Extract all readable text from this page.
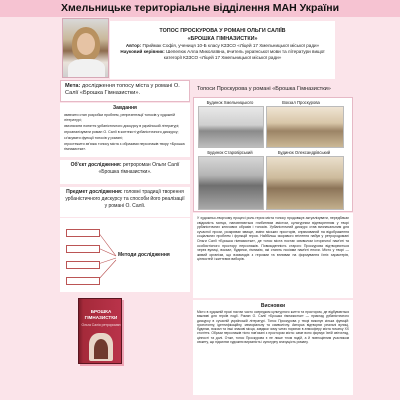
Хмельницьке територіальне відділення МАН України
ТОПОС ПРОСКУРОВА У РОМАНІ ОЛЬГИ САЛІЇВ
«БРОШКА ГІМНАЗИСТКИ»
Автор: Приймак Софія, учениця 10-Б класу КЗЗСО «Ліцей 17 Хмельницької міської ради»
Науковий керівник: Шепелюк Алла Миколаївна, вчитель української мови та літератури вищої категорії КЗЗСО «Ліцей 17 Хмельницької міської ради»
Мета: дослідження топосу міста у романі О. Салії «Брошка Гімназистки».
Топоси Проскурова у романі «Брошка Гімназистки»
Завдання
•вивчити стан розробки проблем, репрезентації топосів у художній літературі;
•визначити поняття урбаністичного дискурсу в українській літературі;
•проаналізувати роман О. Салії в контексті урбаністичного дискурсу;
•з'ясувати функції топосів у романі;
•простежити зв'язок топосу міста з образами персонажів твору «Брошка гімназистки».
Будинок Хмельницького	Вокзал Проскурова
Будинок Старовірський	Будинок Олександрівський
Об'єкт дослідження: ретророман Ольги Салії «Брошка гімназистки».
Предмет дослідження: головні традиції творення урбаністичного дискурсу та способи його реалізації у романі О. Салії.
Методи дослідження
У художньо-творчому процесі роль героя міста топосу продовжує актуалізувати, передбачає свідомість митця, наповнюються глибинним змістом, культурним відтворенням у творі урбаністичних ключових образів і топосів. Урбаністичний дискурс став визначальним для сучасної прози, розкриває явище, зміни міських просторів, спрямований на відображення соціальних проблем і функцій героя. Найбільш яскравого втілення набув у ретрородомані Ольги Салії «Брошка гімназистки», де топос міста постає символом історичної пам'яті та особистісного простору персонажів. Повсякденність старого Проскурова відтворюється через вулиці, вокзал, будинки, гімназію, які стають носіями пам'яті епохи. Місто у творі — живий організм, що взаємодіє з героями та впливає на формування їхніх характерів, цінностей і життєвих виборів.
БРОШКА ГІМНАЗИСТКИ
Ольга Салія ретророман
Висновки
Місто в художній прозі постає часто осередком культурного життя та простором, де відбуваються важливі для героїв події. Роман О. Салії «Брошка гімназистки» — приклад урбаністичного дискурсу в сучасній українській літературі. Топос Проскурова у творі виконує кілька функцій: хронотопну, ідентифікаційну, меморіальну та символічну. Авторка відтворює реальні вулиці, будинки, вокзал та інші знакові місця, завдяки чому читач поринає в атмосферу міста початку ХХ століття. Образи персонажів тісно пов'язані з простором міста: саме воно формує їхній світогляд, цінності та долі. Отже, топос Проскурова є не лише тлом подій, а й повноцінним учасником сюжету, що підсилює художню виразність і культурну значущість роману.
